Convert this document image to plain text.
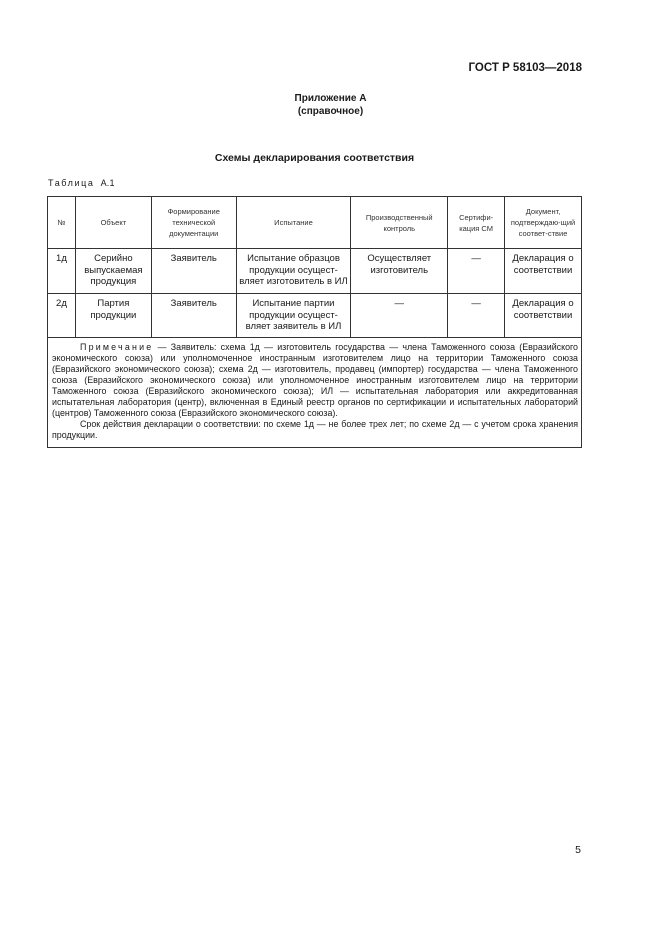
ГОСТ Р 58103—2018
Приложение А
(справочное)
Схемы декларирования соответствия
Таблица А.1
№	Объект	Формирование технической документации	Испытание	Производственный контроль	Сертифи-кация СМ	Документ, подтверждаю-щий соответ-ствие
1д	Серийно выпускаемая продукция	Заявитель	Испытание образцов продукции осущест-вляет изготовитель в ИЛ	Осуществляет изготовитель	—	Декларация о соответствии
2д	Партия продукции	Заявитель	Испытание партии продукции осущест-вляет заявитель в ИЛ	—	—	Декларация о соответствии

Примечание — Заявитель: схема 1д — изготовитель государства — члена Таможенного союза (Евразийского экономического союза) или уполномоченное иностранным изготовителем лицо на территории Таможенного союза (Евразийского экономического союза); схема 2д — изготовитель, продавец (импортер) государства — члена Таможенного союза (Евразийского экономического союза) или уполномоченное иностранным изготовителем лицо на территории Таможенного союза (Евразийского экономического союза); ИЛ — испытательная лаборатория или аккредитованная испытательная лаборатория (центр), включенная в Единый реестр органов по сертификации и испытательных лабораторий (центров) Таможенного союза (Евразийского экономического союза).

Срок действия декларации о соответствии: по схеме 1д — не более трех лет; по схеме 2д — с учетом срока хранения продукции.						

5
